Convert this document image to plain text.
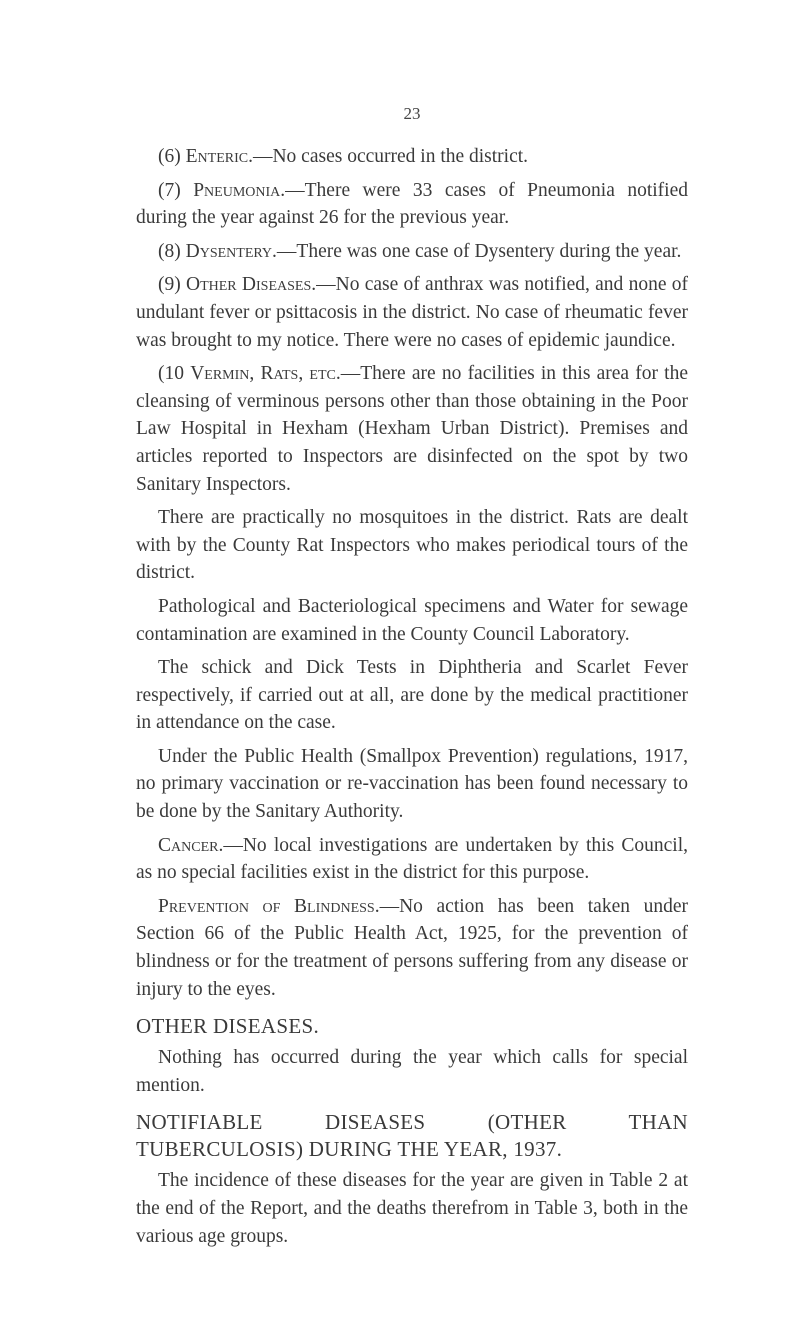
23

(6) Enteric.—No cases occurred in the district.

(7) Pneumonia.—There were 33 cases of Pneumonia notified during the year against 26 for the previous year.

(8) Dysentery.—There was one case of Dysentery during the year.

(9) Other Diseases.—No case of anthrax was notified, and none of undulant fever or psittacosis in the district. No case of rheumatic fever was brought to my notice. There were no cases of epidemic jaundice.

(10 Vermin, Rats, etc.—There are no facilities in this area for the cleansing of verminous persons other than those obtaining in the Poor Law Hospital in Hexham (Hexham Urban District). Premises and articles reported to Inspectors are disinfected on the spot by two Sanitary Inspectors.

There are practically no mosquitoes in the district. Rats are dealt with by the County Rat Inspectors who makes periodical tours of the district.

Pathological and Bacteriological specimens and Water for sewage contamination are examined in the County Council Laboratory.

The schick and Dick Tests in Diphtheria and Scarlet Fever respectively, if carried out at all, are done by the medical practitioner in attendance on the case.

Under the Public Health (Smallpox Prevention) regulations, 1917, no primary vaccination or re-vaccination has been found necessary to be done by the Sanitary Authority.

Cancer.—No local investigations are undertaken by this Council, as no special facilities exist in the district for this purpose.

Prevention of Blindness.—No action has been taken under Section 66 of the Public Health Act, 1925, for the prevention of blindness or for the treatment of persons suffering from any disease or injury to the eyes.

OTHER DISEASES.

Nothing has occurred during the year which calls for special mention.

NOTIFIABLE DISEASES (OTHER THAN TUBERCULOSIS) DURING THE YEAR, 1937.

The incidence of these diseases for the year are given in Table 2 at the end of the Report, and the deaths therefrom in Table 3, both in the various age groups.
